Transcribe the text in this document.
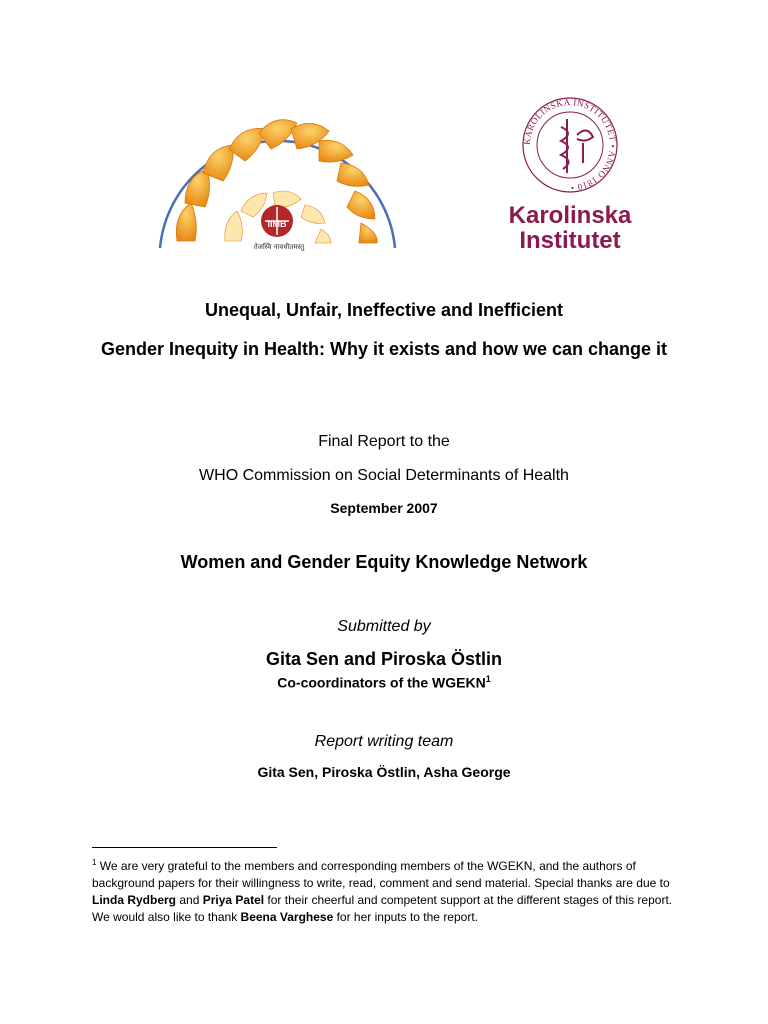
IIMB
तेजस्वि नावधीतमस्तु
KAROLINSKA INSTITUTET • ANNO 1810 •
Karolinska
Institutet
Unequal, Unfair, Ineffective and Inefficient
Gender Inequity in Health: Why it exists and how we can change it
Final Report to the
WHO Commission on Social Determinants of Health
September 2007
Women and Gender Equity Knowledge Network
Submitted by
Gita Sen and Piroska Östlin
Co-coordinators of the WGEKN$^1$
Report writing team
Gita Sen, Piroska Östlin, Asha George
$^1$ We are very grateful to the members and corresponding members of the WGEKN, and the authors of background papers for their willingness to write, read, comment and send material. Special thanks are due to Linda Rydberg and Priya Patel for their cheerful and competent support at the different stages of this report. We would also like to thank Beena Varghese for her inputs to the report.
